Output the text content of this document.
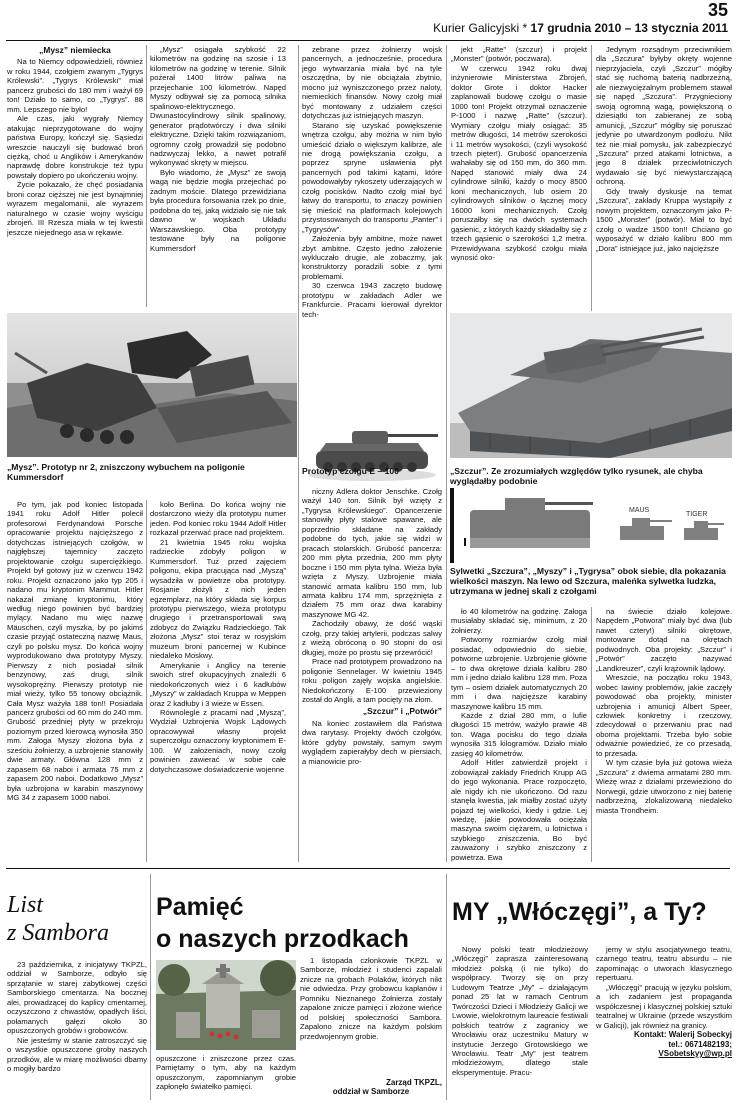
35
Kurier Galicyjski * 17 grudnia 2010 – 13 stycznia 2011

„Mysz” niemiecka

Na to Niemcy odpowiedzieli, również w roku 1944, czołgiem zwanym „Tygrys Królewski”. „Tygrys Królewski” miał pancerz grubości do 180 mm i ważył 69 ton! Działo to samo, co „Tygrys”. 88 mm. Lepszego nie było!

Ale czas, jaki wygrały Niemcy atakując nieprzygotowane do wojny państwa Europy, kończył się. Sąsiedzi wreszcie nauczyli się budować broń ciężką, choć u Anglików i Amerykanów naprawdę dobre konstrukcje też typu powstały dopiero po ukończeniu wojny.

Życie pokazało, że chęć posiadania broni coraz cięższej nie jest bynajmniej wyrazem megalomanii, ale wyrazem naturalnego w czasie wojny wyścigu zbrojeń. III Rzesza miała w tej kwestii jeszcze niejednego asa w rękawie.

„Mysz” osiągała szybkość 22 kilometrów na godzinę na szosie i 13 kilometrów na godzinę w terenie. Silnik pożerał 1400 litrów paliwa na przejechanie 100 kilometrów. Napęd Myszy odbywał się za pomocą silnika spalinowo-elektrycznego. Dwunastocylindrowy silnik spalinowy, generator prądotwórczy i dwa silniki elektryczne. Dzięki takim rozwiązaniom, ogromny czołg prowadził się podobno nadzwyczaj lekko, a nawet potrafił wykonywać skręty w miejscu.

Było wiadomo, że „Mysz” ze swoją wagą nie będzie mogła przejechać po żadnym moście. Dlatego przewidziana była procedura forsowania rzek po dnie, podobna do tej, jaką widziało się nie tak dawno w wojskach Układu Warszawskiego. Oba prototypy testowane były na poligonie Kummersdorf

zebrane przez żołnierzy wojsk pancernych, a jednocześnie, procedura jego wytwarzania miała być na tyle oszczędna, by nie obciążała zbytnio, mocno już wyniszczonego przez naloty, niemieckich finansów. Nowy czołg miał być montowany z udziałem części dotychczas już istniejących maszyn.

Starano się uzyskać powiększenie wnętrza czołgu, aby można w nim było umieścić działo o większym kalibrze, ale nie drogą powiększania czołgu, a poprzez spryne usławienia płyt pancernych pod takimi kątami, które powodowałyby rykoszety uderzających w czołg pocisków. Nadto czołg miał być łatwy do transportu, to znaczy powinien się mieścić na platformach kolejowych przystosowanych do transportu „Panter” i „Tygrysów”.

Założenia były ambitne, może nawet zbyt ambitne. Często jedno założenie wykluczało drugie, ale zobaczmy, jak konstruktorzy poradzili sobie z tymi problemami.

30 czerwca 1943 zaczęto budowę prototypu w zakładach Adler we Frankfurcie. Pracami kierował dyrektor tech-

jekt „Ratte” (szczur) i projekt „Monster” (potwór, poczwara).

W czerwcu 1942 roku dwaj inżynierowie Ministerstwa Zbrojeń, doktor Grote i doktor Hacker zaplanowali budowę czołgu o masie 1000 ton! Projekt otrzymał oznaczenie P-1000 i nazwę „Ratte” (szczur). Wymiary czołgu miały osiągać: 35 metrów długości, 14 metrów szerokości i 11 metrów wysokości, (czyli wysokość trzech pięter!). Grubość opancerzenia wahałaby się od 150 mm, do 360 mm. Napęd stanowić miały dwa 24 cylindrowe silniki, każdy o mocy 8500 koni mechanicznych, lub osiem 20 cylindrowych silników o łącznej mocy 16000 koni mechanicznych. Czołg poruszałby się na dwóch systemach gąsienic, z których każdy składałby się z trzech gąsienic o szerokości 1,2 metra. Przewidywana szybkość czołgu miała wynosić oko-

Jedynym rozsądnym przeciwnikiem dla „Szczura” byłyby okręty wojenne nieprzyjaciela, czyli „Szczur” mógłby stać się ruchomą baterią nadbrzeżną, ale niezwyciężalnym problemem stawał się napęd „Szczura”. Przygnieciony swoją ogromną wagą, powiększoną o dziesiątki ton zabieranej ze sobą amunicji, „Szczur” mógłby się poruszać jedynie po utwardzonym podłożu. Nikt też nie miał pomysłu, jak zabezpieczyć „Szczura” przed atakami lotnictwa, a jego 8 działek przeciwlotniczych wydawało się być niewystarczającą ochroną.

Gdy trwały dyskusje na temat „Szczura”, zakłady Kruppa wystąpiły z nowym projektem, oznaczonym jako P-1500 „Monster” (potwór). Miał to być czołg o wadze 1500 ton!! Chciano go wyposażyć w działo kalibru 800 mm „Dora” istniejące już, jako najcięższe

„Mysz”. Prototyp nr 2, zniszczony wybuchem na poligonie Kummersdorf
Prototyp czołgu E – 100	„Szczur”. Ze zrozumiałych względów tylko rysunek, ale chyba wyglądałby podobnie
MAUS
TIGER
Sylwetki „Szczura”, „Myszy” i „Tygrysa” obok siebie, dla pokazania wielkości maszyn. Na lewo od Szczura, maleńka sylwetka ludzka, utrzymana w jednej skali z czołgami

Po tym, jak pod koniec listopada 1941 roku Adolf Hitler polecił profesorowi Ferdynandowi Porsche opracowanie projektu najcięższego z dotychczas istniejących czołgów, w najgłębszej tajemnicy zaczęto projektowanie czołgu superciężkiego. Projekt był gotowy już w czerwcu 1942 roku. Projekt oznaczono jako typ 205 i nadano mu kryptonim Mammut. Hitler nakazał zmianę kryptonimu, który według niego powinien być bardziej mylący. Nadano mu więc nazwę Mäuschen, czyli myszka, by po jakimś czasie przyjąć ostateczną nazwę Maus, czyli po polsku mysz. Do końca wojny wyprodukowano dwa prototypy Myszy. Pierwszy z nich posiadał silnik benzynowy, zaś drugi, silnik wysokoprężny. Pierwszy prototyp nie miał wieży, tylko 55 tonowy obciążnik. Cała Mysz ważyła 188 ton!! Posiadała pancerz grubości od 60 mm do 240 mm. Grubość przedniej płyty w przekroju poziomym przed kierowcą wynosiła 350 mm. Załoga Myszy złożona była z sześciu żołnierzy, a uzbrojenie stanowiły dwie armaty. Główna 128 mm z zapasem 68 naboi i armata 75 mm z zapasem 200 naboi. Dodatkowo „Mysz” była uzbrojona w karabin maszynowy MG 34 z zapasem 1000 naboi.

koło Berlina. Do końca wojny nie dostarczono wieży dla prototypu numer jeden. Pod koniec roku 1944 Adolf Hitler rozkazał przerwać prace nad projektem.

21 kwietnia 1945 roku wojska radzieckie zdobyły poligon w Kummersdorf. Tuż przed zajęciem poligonu, ekipa pracująca nad „Myszą” wysadziła w powietrze oba prototypy. Rosjanie złożyli z nich jeden egzemplarz, na który składa się korpus prototypu pierwszego, wieża prototypu drugiego i przetransportowali swą zdobycz do Związku Radzieckiego. Tak złożona „Mysz” stoi teraz w rosyjskim muzeum broni pancernej w Kubince niedaleko Moskwy.

Amerykanie i Anglicy na terenie swoich stref okupacyjnych znaleźli 6 niedokończonych wież i 6 kadłubów „Myszy” w zakładach Kruppa w Meppen oraz 2 kadłuby i 3 wieże w Essen.

Równolegle z pracami nad „Myszą”, Wydział Uzbrojenia Wojsk Lądowych opracowywał własny projekt superczołgu oznaczony kryptonimem E-100. W założeniach, nowy czołg powinien zawierać w sobie całe dotychczasowe doświadczenie wojenne

niczny Adlera doktor Jenschke. Czołg ważył 140 ton. Silnik był wzięty z „Tygrysa Królewskiego”. Opancerzenie stanowiły płyty stalowe spawane, ale poprzednio składane na zakłady podobne do tych, jakie się widzi w pracach stolarskich. Grubość pancerza: 200 mm płyta przednia, 200 mm płyty boczne i 150 mm płyta tylna. Wieża była wzięta z Myszy. Uzbrojenie miała stanowić armata kalibru 150 mm, lub armata kalibru 174 mm, sprzężnięta z działem 75 mm oraz dwa karabiny maszynowe MG 42.

Zachodziły obawy, że dość wąski czołg, przy takiej artylerii, podczas salwy z wieżą obróconą o 90 stopni do osi długiej, może po prostu się przewrócić!

Prace nad prototypem prowadzono na poligonie Sennelager. W kwietniu 1945 roku poligon zajęły wojska angielskie. Niedokończony E-100 przewieziony został do Anglii, a tam pocięty na złom.

„Szczur” i „Potwór”

Na koniec zostawiłem dla Państwa dwa rarytasy. Projekty dwóch czołgów, które gdyby powstały, samym swym wyglądem zapierałyby dech w piersiach, a mianowicie pro-

ło 40 kilometrów na godzinę. Załoga musiałaby składać się, minimum, z 20 żołnierzy.

Potworny rozmiarów czołg miał posiadać, odpowiednio do siebie, potworne uzbrojenie. Uzbrojenie główne – to dwa okrętowe działa kalibru 280 mm i jedno działo kalibru 128 mm. Poza tym – osiem działek automatycznych 20 mm i dwa najcięższe karabiny maszynowe kalibru 15 mm.

Każde z dział 280 mm, o lufie długości 15 metrów, ważyło prawie 48 ton. Waga pocisku do tego działa wynosiła 315 kilogramów. Działo miało zasięg 40 kilometrów.

Adolf Hitler zatwierdził projekt i zobowiązał zakłady Friedrich Krupp AG do jego wykonania. Prace rozpoczęto, ale nigdy ich nie ukończono. Od razu stanęła kwestia, jak miałby zostać użyty pojazd tej wielkości, kiedy i gdzie. Lej wiedzę, jakie powodowała ociężała maszyna swoim ciężarem, u lotnictwa i szybkiego zniszczenia. Bo być zauważony i szybko zniszczony z powietrza. Ewa

na świecie działo kolejowe. Napędem „Potwora” miały być dwa (lub nawet cztery!) silniki okrętowe, montowane dotąd na okrętach podwodnych. Oba projekty: „Szczur” i „Potwór” zaczęto nazywać „Landkreuzer”, czyli krążownik lądowy.

Wreszcie, na początku roku 1943, wobec Iawiny problemów, jakie zaczęły powodować oba projekty, minister uzbrojenia i amunicji Albert Speer, człowiek konkretny i rzeczowy, zdecydował o przerwaniu prac nad oboma projektami. Trzeba było sobie odważnie powiedzieć, że co przesadą, to przesada.

W tym czasie była już gotowa wieża „Szczura” z dwiema armatami 280 mm. Wieżę wraz z działami przewieziono do Norwegii, gdzie utworzono z niej baterię nadbrzeżną, zlokalizowaną niedaleko miasta Trondheim.

List
z Sambora

23 października, z inicjatywy TKPZL, oddział w Samborze, odbyło się sprzątanie w starej zabytkowej części Samborskiego cmentarza. Na bocznej alei, prowadzącej do kaplicy cmentarnej, oczyszczono z chwastów, opadłych liści, połamanych gałęzi około 30 opuszczonych grobów i grobowców.

Nie jesteśmy w stanie zatroszczyć się o wszystkie opuszczone groby naszych przodków, ale w miarę możliwości dbamy o mogiły bardzo

Pamięć
o naszych przodkach

1 listopada członkowie TKPZL w Samborze, młodzież i studenci zapalali znicze na grobach Polaków, których nikt nie odwiedza. Przy grobowcu kapłanów i Pomniku Nieznanego Żołnierza zostały zapalone znicze pamięci i złożone wieńce od polskiej społeczności Sambora. Zapalono znicze na każdym polskim przedwojennym grobie.

opuszczone i zniszczone przez czas. Pamiętamy o tym, aby na każdym opuszczonym, zapomnianym grobie zapłonęło światełko pamięci.	Zarząd TKPZL,

oddział w Samborze

MY „Włóczęgi”, a Ty?

Nowy polski teatr młodzieżowy „Włóczęgi” zaprasza zainteresowaną młodzież polską (i nie tylko) do współpracy. Tworzy się on przy Ludowym Teatrze „My” – działającym ponad 25 lat w ramach Centrum Twórczości Dzieci i Młodzieży Galicji we Lwowie, wielokrotnym laureacie festiwali polskich teatrów z zagranicy we Wrocławiu oraz uczestniku Matury w instytucie Jerzego Grotowskiego we Wrocławiu. Teatr „My” jest teatrem młodzieżowym, dlatego stale eksperymentuje. Pracu-

jemy w stylu asocjatywnego teatru, czarnego teatru, teatru absurdu – nie zapominając o utworach klasycznego repertuaru.

„Włóczęgi” pracują w języku polskim, a ich zadaniem jest propaganda współczesnej i klasycznej polskiej sztuki teatralnej w Ukrainie (przede wszystkim w Galicji), jak również na granicy.

Kontakt: Walerij Sobeckyj

tel.: 0671482193;

VSobetskyy@wp.pl
